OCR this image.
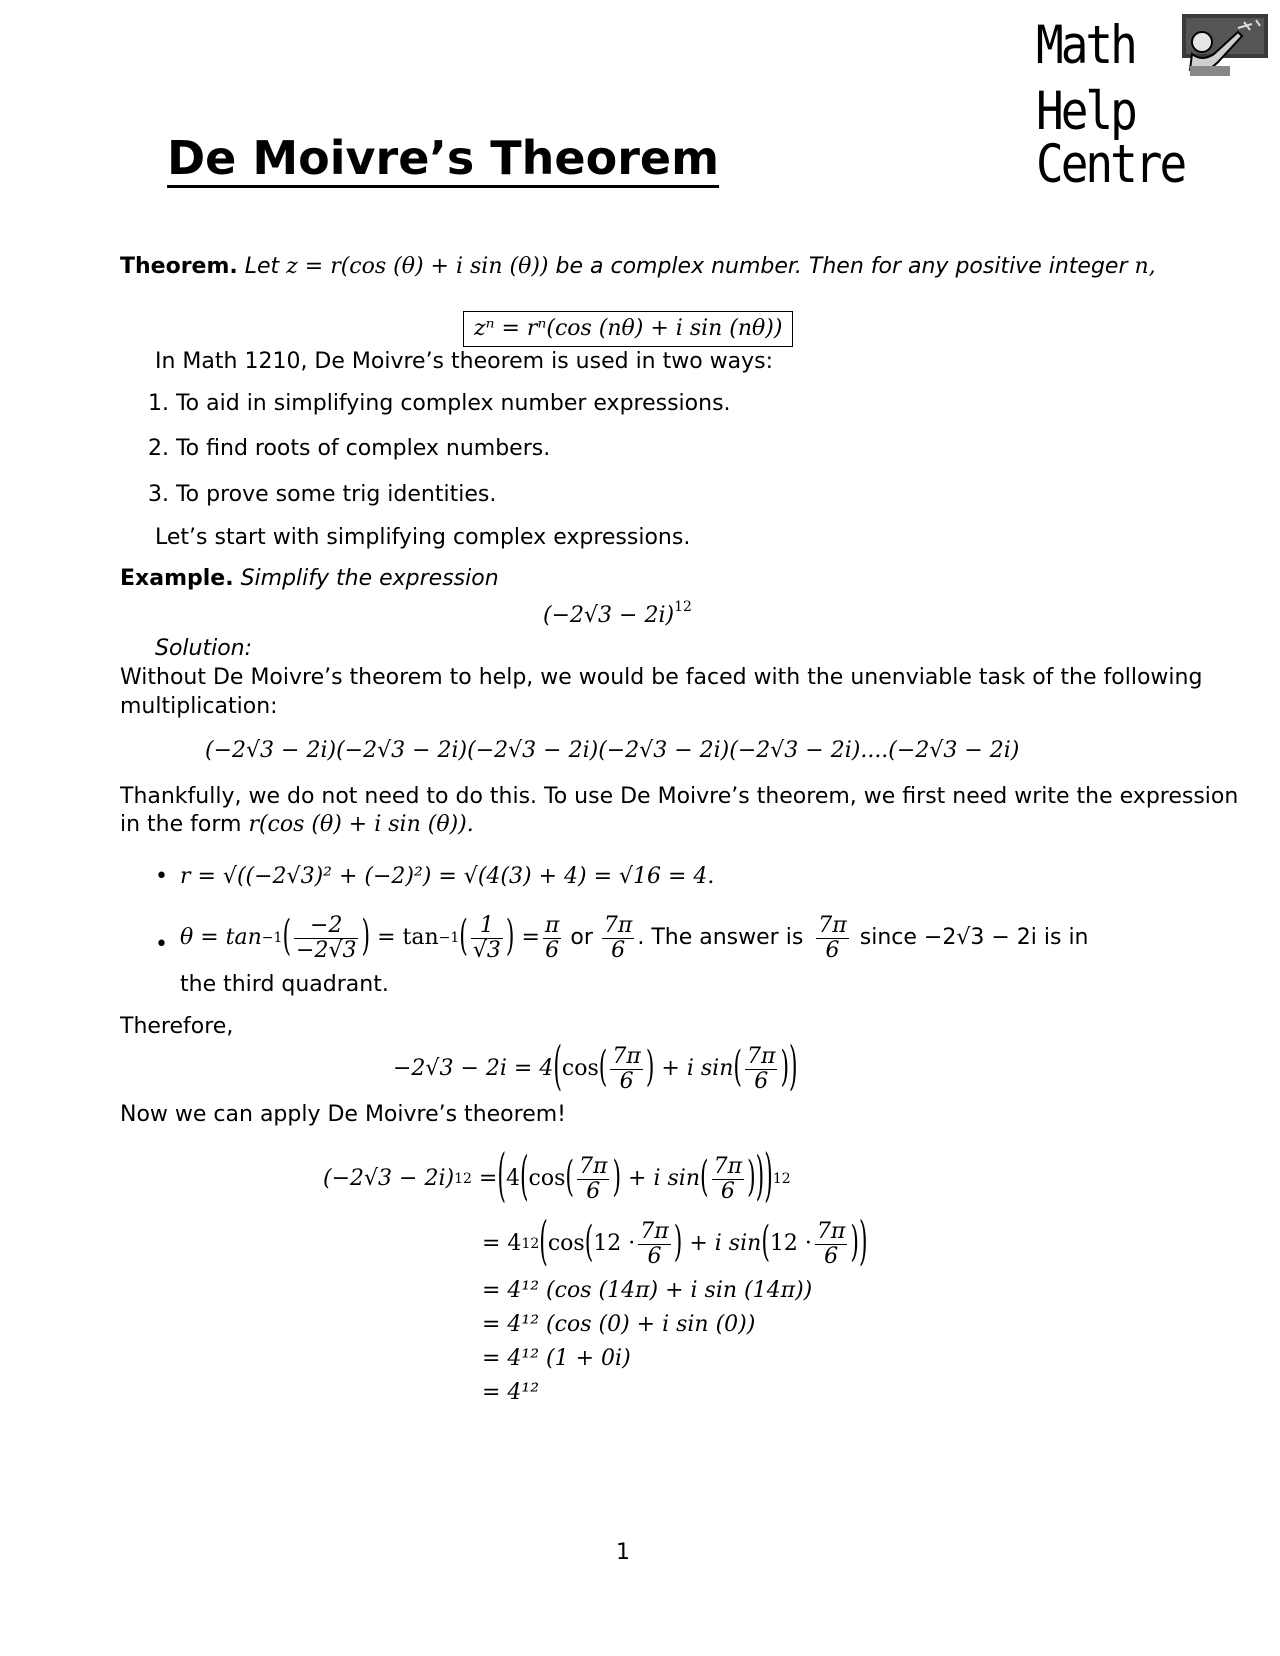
Math
Help Centre
De Moivre’s Theorem
Theorem. Let z = r(cos (θ) + i sin (θ)) be a complex number. Then for any positive integer n,
zⁿ = rⁿ(cos (nθ) + i sin (nθ))
In Math 1210, De Moivre’s theorem is used in two ways:
1. To aid in simplifying complex number expressions.
2. To find roots of complex numbers.
3. To prove some trig identities.
Let’s start with simplifying complex expressions.
Example. Simplify the expression
$(-2√3 - 2i)^{12}$
Solution:
Without De Moivre’s theorem to help, we would be faced with the unenviable task of the following
multiplication:
(−2√3 − 2i)(−2√3 − 2i)(−2√3 − 2i)(−2√3 − 2i)(−2√3 − 2i)....(−2√3 − 2i)
Thankfully, we do not need to do this. To use De Moivre’s theorem, we first need write the expression
in the form r(cos (θ) + i sin (θ)).
• r = √((−2√3)² + (−2)²) = √(4(3) + 4) = √16 = 4.
• θ = tan −1 ( $\frac{-2}{-2√3}$ ) = tan −1 ( $\frac{1}{√3}$ ) = $\frac{\pi}{6}$ or $\frac{7\pi}{6}$ . The answer is $\frac{7\pi}{6}$ since −2√3 − 2i is in
the third quadrant.
Therefore,
−2√3 − 2i = 4 ( cos ( $\frac{7\pi}{6}$ ) + i sin ( $\frac{7\pi}{6}$ ) )
Now we can apply De Moivre’s theorem!
(−2√3 − 2i) 12 = ( 4 ( cos ( $\frac{7\pi}{6}$ ) + i sin ( $\frac{7\pi}{6}$ ) ) ) 12
= 4 12 ( cos ( $12 \cdot \frac{7\pi}{6}$ ) + i sin ( $12 \cdot \frac{7\pi}{6}$ ) )
= 4¹² (cos (14π) + i sin (14π))
= 4¹² (cos (0) + i sin (0))
= 4¹² (1 + 0i)
= 4¹²
1
